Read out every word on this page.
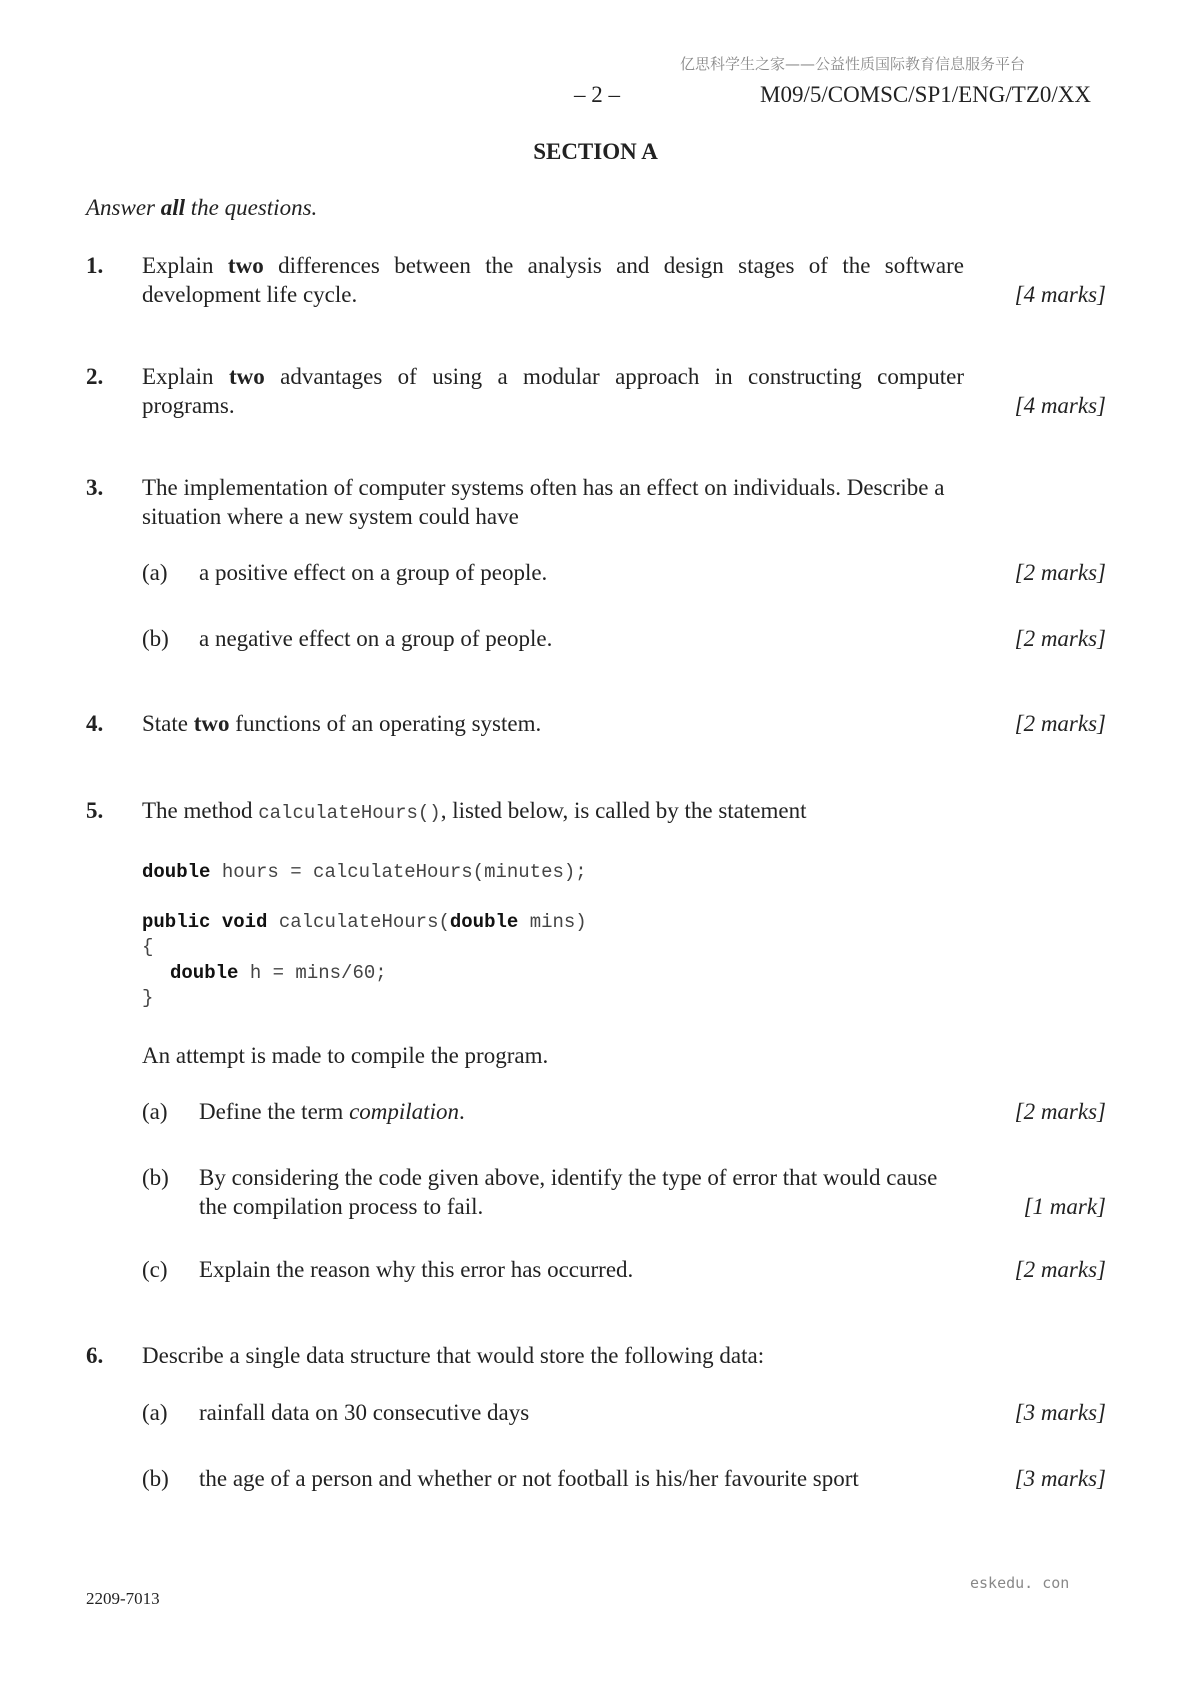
亿思科学生之家——公益性质国际教育信息服务平台
– 2 –	M09/5/COMSC/SP1/ENG/TZ0/XX
SECTION A
Answer all the questions.
1. Explain two differences between the analysis and design stages of the software
development life cycle.	[4 marks]
2. Explain two advantages of using a modular approach in constructing computer
programs.	[4 marks]
3. The implementation of computer systems often has an effect on individuals. Describe a
situation where a new system could have
(a) a positive effect on a group of people.	[2 marks]
(b) a negative effect on a group of people.	[2 marks]
4. State two functions of an operating system.	[2 marks]
5. The method calculateHours(), listed below, is called by the statement
double hours = calculateHours(minutes);
public void calculateHours(double mins)
{
double h = mins/60;
}
An attempt is made to compile the program.
(a) Define the term compilation.	[2 marks]
(b) By considering the code given above, identify the type of error that would cause
the compilation process to fail.	[1 mark]
(c) Explain the reason why this error has occurred.	[2 marks]
6. Describe a single data structure that would store the following data:
(a) rainfall data on 30 consecutive days	[3 marks]
(b) the age of a person and whether or not football is his/her favourite sport	[3 marks]
2209-7013
eskedu. con
